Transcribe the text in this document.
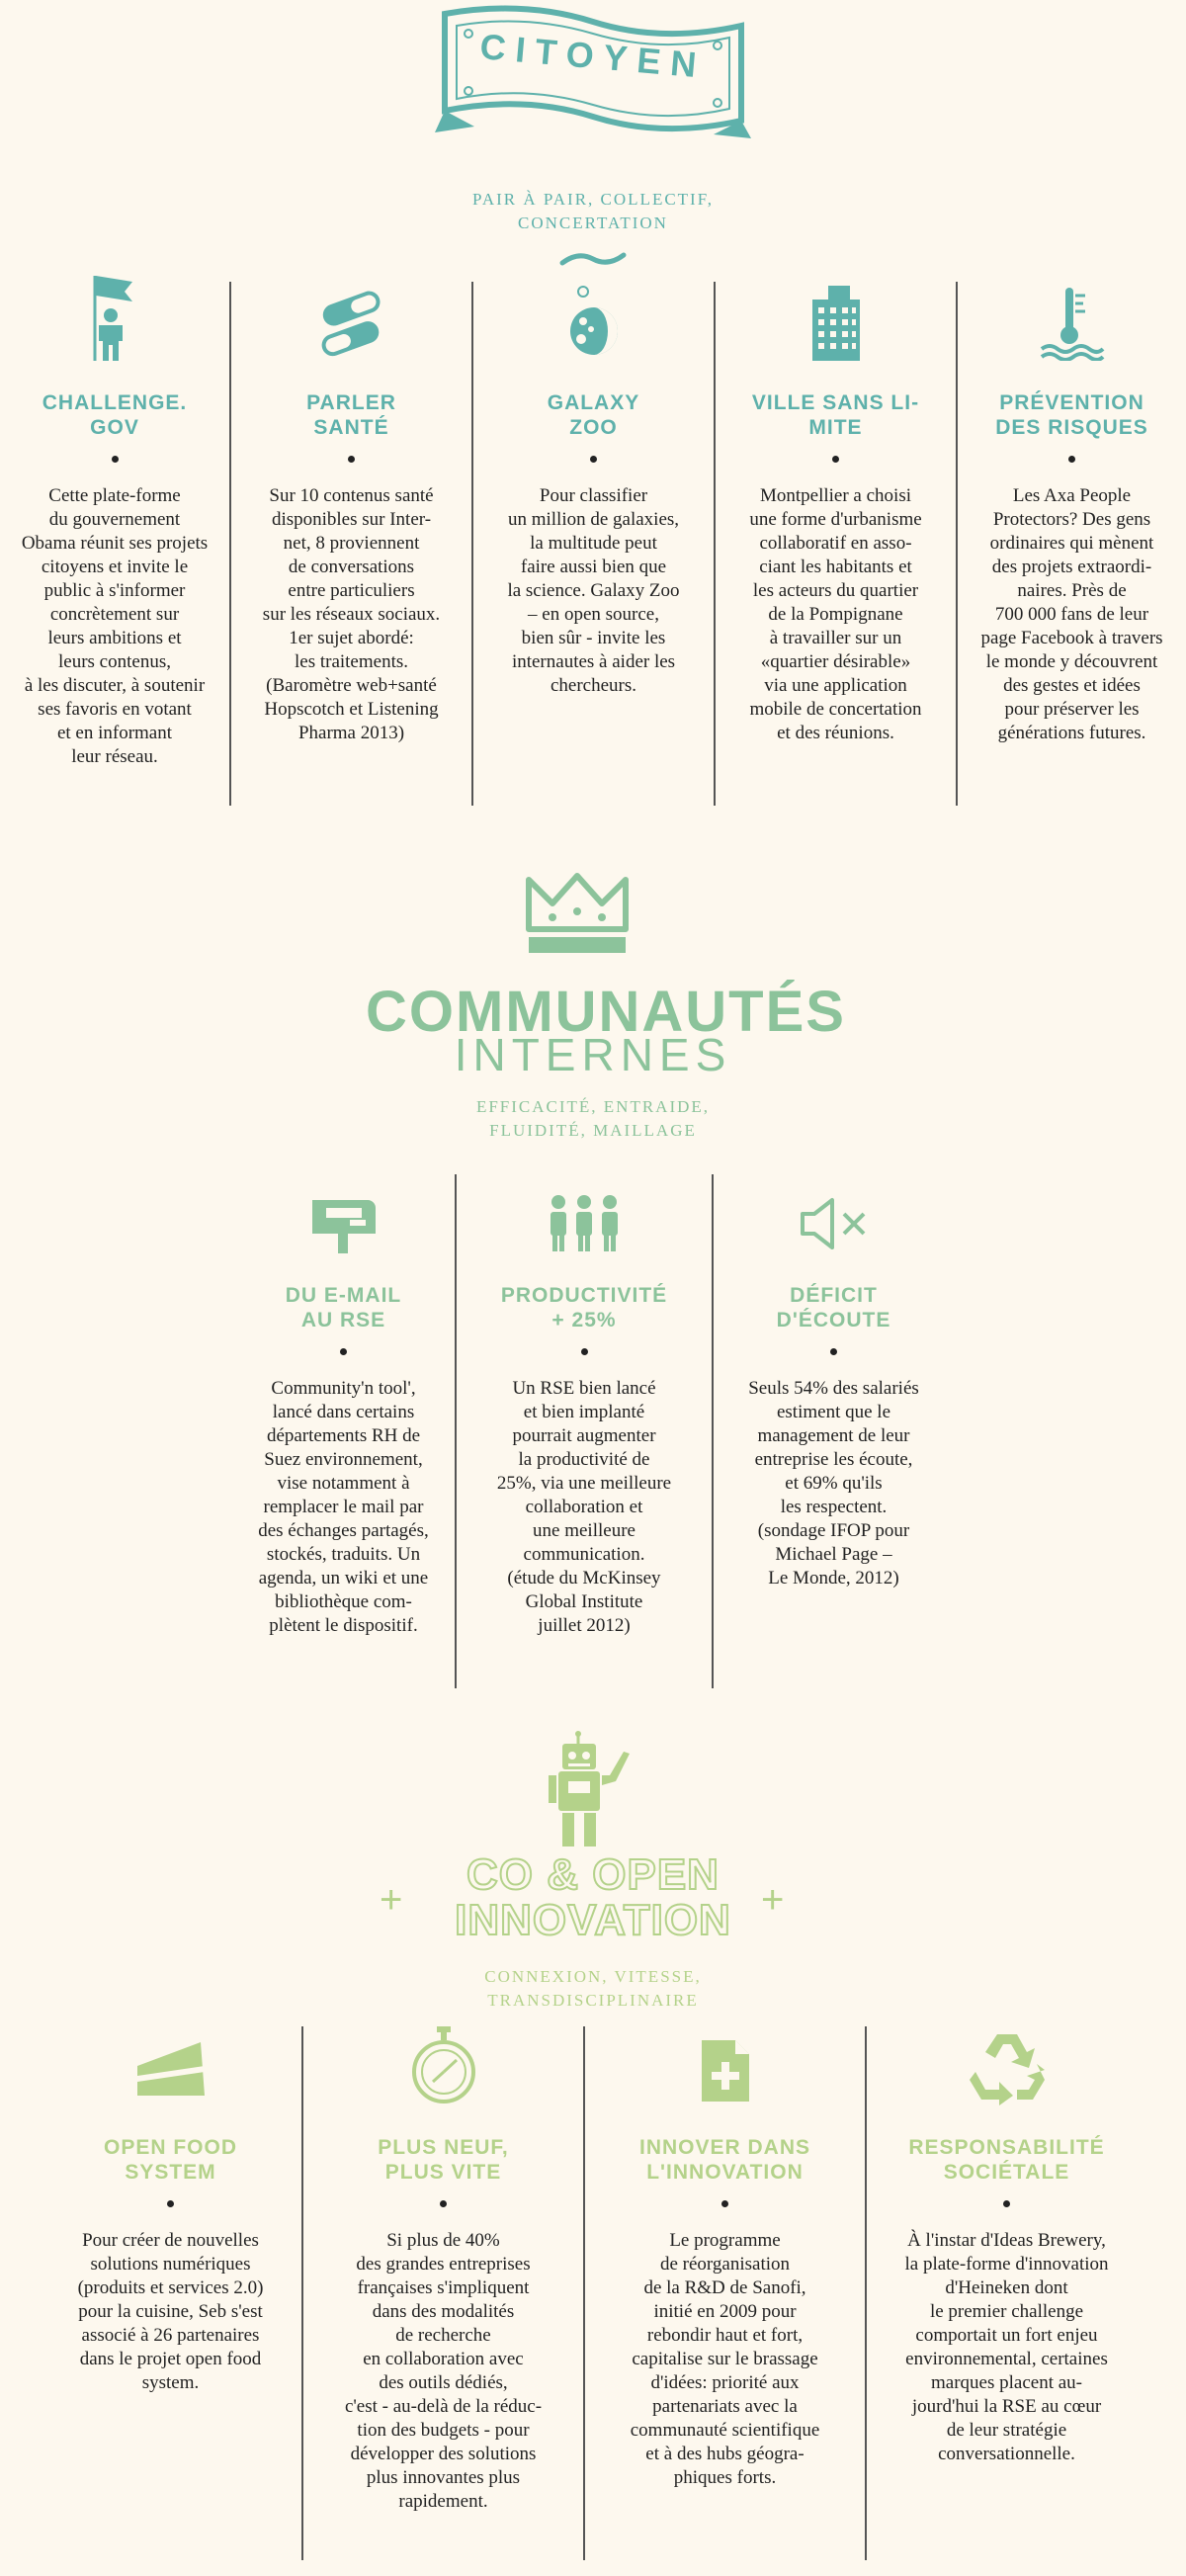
CITOYEN
PAIR À PAIR, COLLECTIF,
CONCERTATION
CHALLENGE.
GOV
Cette plate-forme
du gouvernement
Obama réunit ses projets
citoyens et invite le
public à s'informer
concrètement sur
leurs ambitions et
leurs contenus,
à les discuter, à soutenir
ses favoris en votant
et en informant
leur réseau.
PARLER
SANTÉ
Sur 10 contenus santé
disponibles sur Inter-
net, 8 proviennent
de conversations
entre particuliers
sur les réseaux sociaux.
1er sujet abordé:
les traitements.
(Baromètre web+santé
Hopscotch et Listening
Pharma 2013)
GALAXY
ZOO
Pour classifier
un million de galaxies,
la multitude peut
faire aussi bien que
la science. Galaxy Zoo
– en open source,
bien sûr - invite les
internautes à aider les
chercheurs.
VILLE SANS LI-
MITE
Montpellier a choisi
une forme d'urbanisme
collaboratif en asso-
ciant les habitants et
les acteurs du quartier
de la Pompignane
à travailler sur un
«quartier désirable»
via une application
mobile de concertation
et des réunions.
PRÉVENTION
DES RISQUES
Les Axa People
Protectors? Des gens
ordinaires qui mènent
des projets extraordi-
naires. Près de
700 000 fans de leur
page Facebook à travers
le monde y découvrent
des gestes et idées
pour préserver les
générations futures.
COMMUNAUTÉS
INTERNES
EFFICACITÉ, ENTRAIDE,
FLUIDITÉ, MAILLAGE
DU E-MAIL
AU RSE
Community'n tool',
lancé dans certains
départements RH de
Suez environnement,
vise notamment à
remplacer le mail par
des échanges partagés,
stockés, traduits. Un
agenda, un wiki et une
bibliothèque com-
plètent le dispositif.
PRODUCTIVITÉ
+ 25%
Un RSE bien lancé
et bien implanté
pourrait augmenter
la productivité de
25%, via une meilleure
collaboration et
une meilleure
communication.
(étude du McKinsey
Global Institute
juillet 2012)
DÉFICIT
D'ÉCOUTE
Seuls 54% des salariés
estiment que le
management de leur
entreprise les écoute,
et 69% qu'ils
les respectent.
(sondage IFOP pour
Michael Page –
Le Monde, 2012)
+	+
CO & OPEN
INNOVATION
CONNEXION, VITESSE,
TRANSDISCIPLINAIRE
OPEN FOOD
SYSTEM
Pour créer de nouvelles
solutions numériques
(produits et services 2.0)
pour la cuisine, Seb s'est
associé à 26 partenaires
dans le projet open food
system.
PLUS NEUF,
PLUS VITE
Si plus de 40%
des grandes entreprises
françaises s'impliquent
dans des modalités
de recherche
en collaboration avec
des outils dédiés,
c'est - au-delà de la réduc-
tion des budgets - pour
développer des solutions
plus innovantes plus
rapidement.
INNOVER DANS
L'INNOVATION
Le programme
de réorganisation
de la R&D de Sanofi,
initié en 2009 pour
rebondir haut et fort,
capitalise sur le brassage
d'idées: priorité aux
partenariats avec la
communauté scientifique
et à des hubs géogra-
phiques forts.
RESPONSABILITÉ
SOCIÉTALE
À l'instar d'Ideas Brewery,
la plate-forme d'innovation
d'Heineken dont
le premier challenge
comportait un fort enjeu
environnemental, certaines
marques placent au-
jourd'hui la RSE au cœur
de leur stratégie
conversationnelle.
